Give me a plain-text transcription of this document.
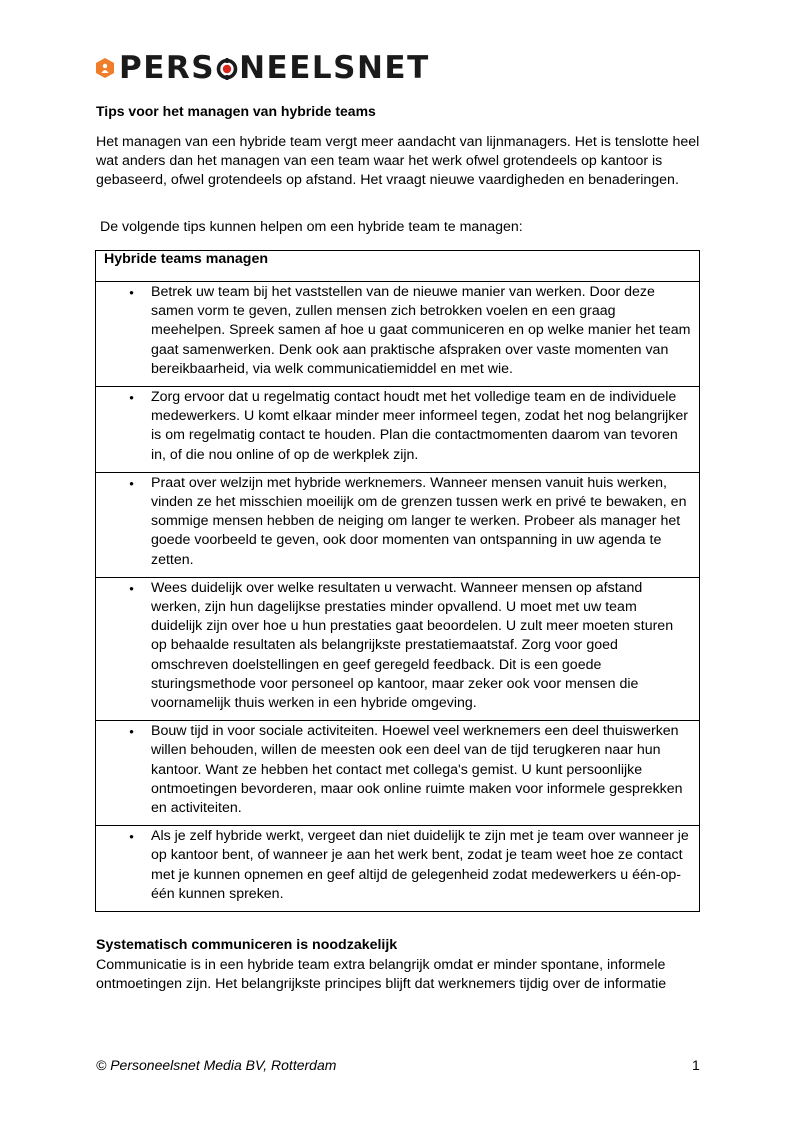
PERS NEELSNET
Tips voor het managen van hybride teams
Het managen van een hybride team vergt meer aandacht van lijnmanagers. Het is tenslotte heel wat anders dan het managen van een team waar het werk ofwel grotendeels op kantoor is gebaseerd, ofwel grotendeels op afstand. Het vraagt nieuwe vaardigheden en benaderingen.
De volgende tips kunnen helpen om een hybride team te managen:
Hybride teams managen

•	Betrek uw team bij het vaststellen van de nieuwe manier van werken. Door deze samen vorm te geven, zullen mensen zich betrokken voelen en een graag meehelpen. Spreek samen af hoe u gaat communiceren en op welke manier het team gaat samenwerken. Denk ook aan praktische afspraken over vaste momenten van bereikbaarheid, via welk communicatiemiddel en met wie.

•	Zorg ervoor dat u regelmatig contact houdt met het volledige team en de individuele medewerkers. U komt elkaar minder meer informeel tegen, zodat het nog belangrijker is om regelmatig contact te houden. Plan die contactmomenten daarom van tevoren in, of die nou online of op de werkplek zijn.

•	Praat over welzijn met hybride werknemers. Wanneer mensen vanuit huis werken, vinden ze het misschien moeilijk om de grenzen tussen werk en privé te bewaken, en sommige mensen hebben de neiging om langer te werken. Probeer als manager het goede voorbeeld te geven, ook door momenten van ontspanning in uw agenda te zetten.

•	Wees duidelijk over welke resultaten u verwacht. Wanneer mensen op afstand werken, zijn hun dagelijkse prestaties minder opvallend. U moet met uw team duidelijk zijn over hoe u hun prestaties gaat beoordelen. U zult meer moeten sturen op behaalde resultaten als belangrijkste prestatiemaatstaf. Zorg voor goed omschreven doelstellingen en geef geregeld feedback. Dit is een goede sturingsmethode voor personeel op kantoor, maar zeker ook voor mensen die voornamelijk thuis werken in een hybride omgeving.

•	Bouw tijd in voor sociale activiteiten. Hoewel veel werknemers een deel thuiswerken willen behouden, willen de meesten ook een deel van de tijd terugkeren naar hun kantoor. Want ze hebben het contact met collega's gemist. U kunt persoonlijke ontmoetingen bevorderen, maar ook online ruimte maken voor informele gesprekken en activiteiten.

•	Als je zelf hybride werkt, vergeet dan niet duidelijk te zijn met je team over wanneer je op kantoor bent, of wanneer je aan het werk bent, zodat je team weet hoe ze contact met je kunnen opnemen en geef altijd de gelegenheid zodat medewerkers u één-op-één kunnen spreken.
Systematisch communiceren is noodzakelijk
Communicatie is in een hybride team extra belangrijk omdat er minder spontane, informele ontmoetingen zijn. Het belangrijkste principes blijft dat werknemers tijdig over de informatie
© Personeelsnet Media BV, Rotterdam	1
